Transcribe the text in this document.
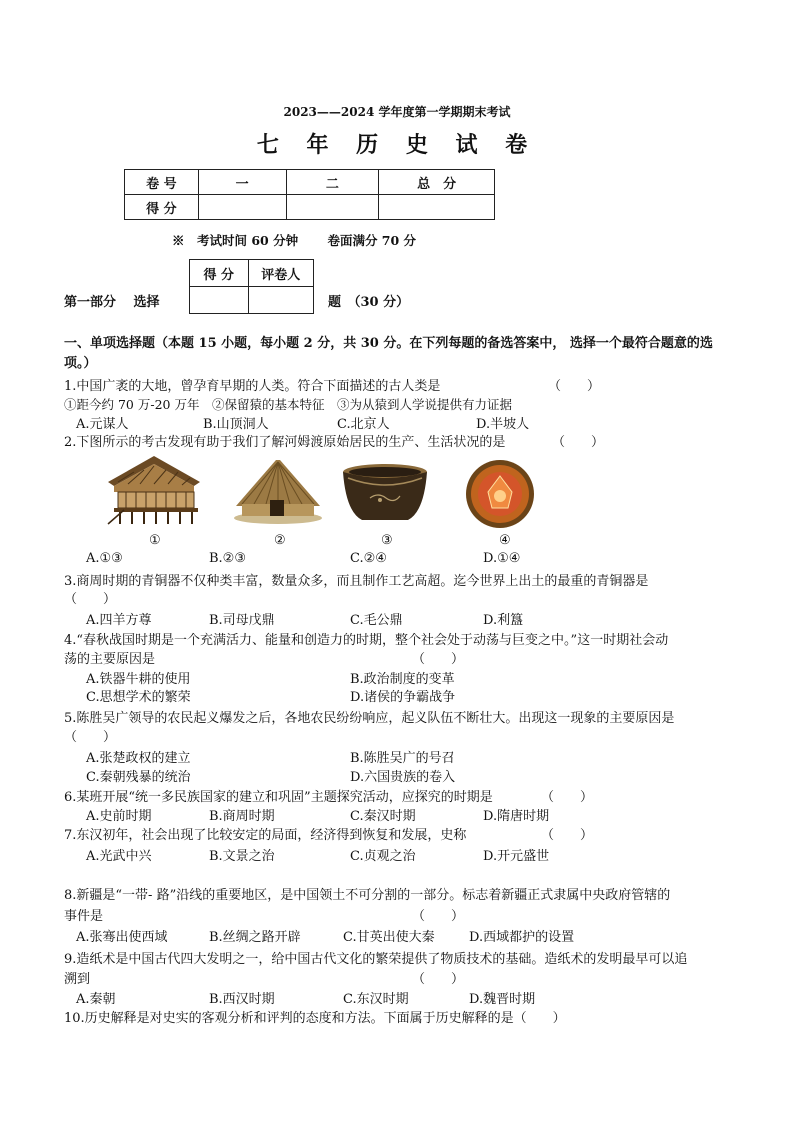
2023——2024 学年度第一学期期末考试
七 年 历 史 试 卷
卷 号	一	二	总　分
得 分			
※　考试时间 60 分钟　　 卷面满分 70 分
得 分	评卷人

第一部分　 选择	题　（30 分）
一、单项选择题（本题 15 小题，每小题 2 分，共 30 分。在下列每题的备选答案中， 选择一个最符合题意的选项。）
1.中国广袤的大地，曾孕育早期的人类。符合下面描述的古人类是	（　　）
①距今约 70 万-20 万年　②保留猿的基本特征　③为从猿到人学说提供有力证据
A.元谋人	B.山顶洞人	C.北京人	D.半坡人
2.下图所示的考古发现有助于我们了解河姆渡原始居民的生产、生活状况的是	（　　）
①	②	③	④
A.①③	B.②③	C.②④	D.①④
3.商周时期的青铜器不仅种类丰富，数量众多，而且制作工艺高超。迄今世界上出土的最重的青铜器是
（　　）
A.四羊方尊	B.司母戊鼎	C.毛公鼎	D.利簋
4.“春秋战国时期是一个充满活力、能量和创造力的时期，整个社会处于动荡与巨变之中。”这一时期社会动
荡的主要原因是	（　　）
A.铁器牛耕的使用	B.政治制度的变革
C.思想学术的繁荣	D.诸侯的争霸战争
5.陈胜吴广领导的农民起义爆发之后，各地农民纷纷响应，起义队伍不断壮大。出现这一现象的主要原因是
（　　）
A.张楚政权的建立	B.陈胜吴广的号召
C.秦朝残暴的统治	D.六国贵族的卷入
6.某班开展“统一多民族国家的建立和巩固”主题探究活动，应探究的时期是	（　　）
A.史前时期	B.商周时期	C.秦汉时期	D.隋唐时期
7.东汉初年，社会出现了比较安定的局面，经济得到恢复和发展，史称	（　　）
A.光武中兴	B.文景之治	C.贞观之治	D.开元盛世
8.新疆是“一带- 路”沿线的重要地区，是中国领土不可分割的一部分。标志着新疆正式隶属中央政府管辖的
事件是	（　　）
A.张骞出使西域	B.丝绸之路开辟	C.甘英出使大秦	D.西域都护的设置
9.造纸术是中国古代四大发明之一，给中国古代文化的繁荣提供了物质技术的基础。造纸术的发明最早可以追
溯到	（　　）
A.秦朝	B.西汉时期	C.东汉时期	D.魏晋时期
10.历史解释是对史实的客观分析和评判的态度和方法。下面属于历史解释的是（　　）
